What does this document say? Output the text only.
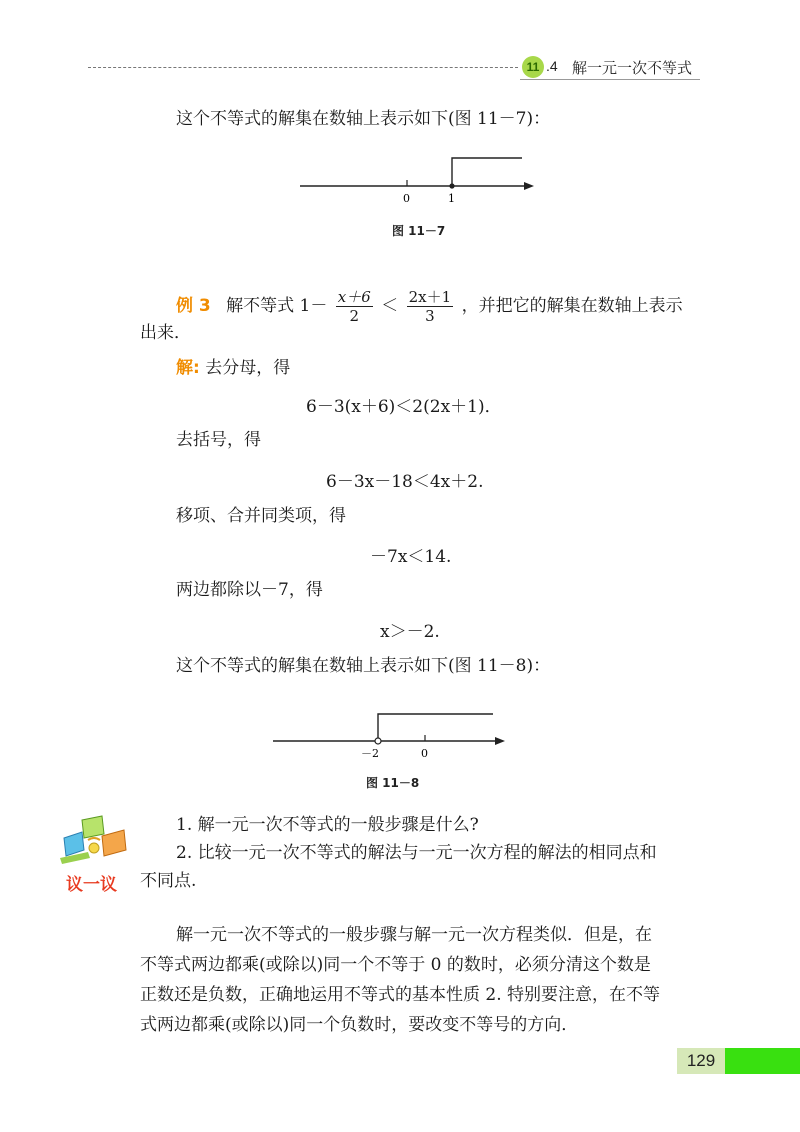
11 .4 解一元一次不等式
这个不等式的解集在数轴上表示如下(图 11－7)：
0	1
图 11－7
例 3 解不等式 $1- \frac{x+6}{2} < \frac{2x+1}{3}$ ，并把它的解集在数轴上表示
出来．
解: 去分母，得
6－3(x＋6)＜2(2x＋1)．
去括号，得
6－3x－18＜4x＋2.
移项、合并同类项，得
－7x＜14.
两边都除以－7，得
x＞－2.
这个不等式的解集在数轴上表示如下(图 11－8)：
－2	0
图 11－8
议一议
1. 解一元一次不等式的一般步骤是什么?
2. 比较一元一次不等式的解法与一元一次方程的解法的相同点和
不同点.
解一元一次不等式的一般步骤与解一元一次方程类似．但是，在
不等式两边都乘(或除以)同一个不等于 0 的数时，必须分清这个数是
正数还是负数，正确地运用不等式的基本性质 2. 特别要注意，在不等
式两边都乘(或除以)同一个负数时，要改变不等号的方向．
129
